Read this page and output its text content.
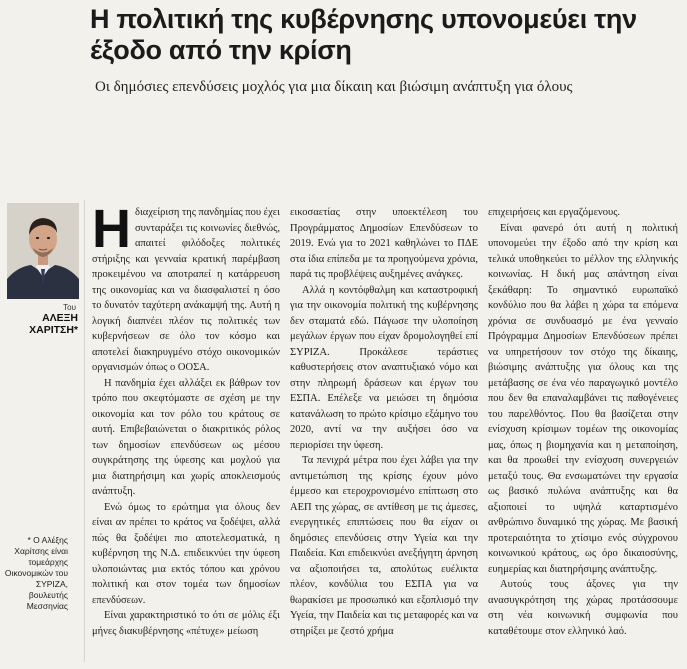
Η πολιτική της κυβέρνησης υπονομεύει την έξοδο από την κρίση

Οι δημόσιες επενδύσεις μοχλός για μια δίκαιη και βιώσιμη ανάπτυξη για όλους

Του
ΑΛΕΞΗ ΧΑΡΙΤΣΗ*
* Ο Αλέξης Χαρίτσης είναι τομεάρχης Οικονομικών του ΣΥΡΙΖΑ, βουλευτής Μεσσηνίας

Ηδιαχείριση της πανδημίας που έχει συνταράξει τις κοινωνίες διεθνώς, απαιτεί φιλόδοξες πολιτικές στήριξης και γενναία κρατική παρέμβαση προκειμένου να αποτραπεί η κατάρρευση της οικονομίας και να διασφαλιστεί η όσο το δυνατόν ταχύτερη ανάκαμψή της. Αυτή η λογική διαπνέει πλέον τις πολιτικές των κυβερνήσεων σε όλο τον κόσμο και αποτελεί διακηρυγμένο στόχο οικονομικών οργανισμών όπως ο ΟΟΣΑ.

Η πανδημία έχει αλλάξει εκ βάθρων τον τρόπο που σκεφτόμαστε σε σχέση με την οικονομία και τον ρόλο του κράτους σε αυτή. Επιβεβαιώνεται ο διακριτικός ρόλος των δημοσίων επενδύσεων ως μέσου συγκράτησης της ύφεσης και μοχλού για μια διατηρήσιμη και χωρίς αποκλεισμούς ανάπτυξη.

Ενώ όμως το ερώτημα για όλους δεν είναι αν πρέπει το κράτος να ξοδέψει, αλλά πώς θα ξοδέψει πιο αποτελεσματικά, η κυβέρνηση της Ν.Δ. επιδεικνύει την ύφεση υλοποιώντας μια εκτός τόπου και χρόνου πολιτική και στον τομέα των δημοσίων επενδύσεων.

Είναι χαρακτηριστικό το ότι σε μόλις έξι μήνες διακυβέρνησης «πέτυχε» μείωση

εικοσαετίας στην υποεκτέλεση του Προγράμματος Δημοσίων Επενδύσεων το 2019. Ενώ για το 2021 καθηλώνει το ΠΔΕ στα ίδια επίπεδα με τα προηγούμενα χρόνια, παρά τις προβλέψεις αυξημένες ανάγκες.

Αλλά η κοντόφθαλμη και καταστροφική για την οικονομία πολιτική της κυβέρνησης δεν σταματά εδώ. Πάγωσε την υλοποίηση μεγάλων έργων που είχαν δρομολογηθεί επί ΣΥΡΙΖΑ. Προκάλεσε τεράστιες καθυστερήσεις στον αναπτυξιακό νόμο και στην πληρωμή δράσεων και έργων του ΕΣΠΑ. Επέλεξε να μειώσει τη δημόσια κατανάλωση το πρώτο κρίσιμο εξάμηνο του 2020, αντί να την αυξήσει όσο να περιορίσει την ύφεση.

Τα πενιχρά μέτρα που έχει λάβει για την αντιμετώπιση της κρίσης έχουν μόνο έμμεσο και ετεροχρονισμένο επίπτωση στο ΑΕΠ της χώρας, σε αντίθεση με τις άμεσες, ενεργητικές επιπτώσεις που θα είχαν οι δημόσιες επενδύσεις στην Υγεία και την Παιδεία. Και επιδεικνύει ανεξήγητη άρνηση να αξιοποιήσει τα, απολύτως ευέλικτα πλέον, κονδύλια του ΕΣΠΑ για να θωρακίσει με προσωπικό και εξοπλισμό την Υγεία, την Παιδεία και τις μεταφορές και να στηρίξει με ζεστό χρήμα

επιχειρήσεις και εργαζόμενους.

Είναι φανερό ότι αυτή η πολιτική υπονομεύει την έξοδο από την κρίση και τελικά υποθηκεύει το μέλλον της ελληνικής κοινωνίας. Η δική μας απάντηση είναι ξεκάθαρη: Το σημαντικό ευρωπαϊκό κονδύλιο που θα λάβει η χώρα τα επόμενα χρόνια σε συνδυασμό με ένα γενναίο Πρόγραμμα Δημοσίων Επενδύσεων πρέπει να υπηρετήσουν τον στόχο της δίκαιης, βιώσιμης ανάπτυξης για όλους και της μετάβασης σε ένα νέο παραγωγικό μοντέλο που δεν θα επαναλαμβάνει τις παθογένειες του παρελθόντος. Που θα βασίζεται στην ενίσχυση κρίσιμων τομέων της οικονομίας μας, όπως η βιομηχανία και η μεταποίηση, και θα προωθεί την ενίσχυση συνεργειών μεταξύ τους. Θα ενσωματώνει την εργασία ως βασικό πυλώνα ανάπτυξης και θα αξιοποιεί το υψηλά καταρτισμένο ανθρώπινο δυναμικό της χώρας. Με βασική προτεραιότητα το χτίσιμο ενός σύγχρονου κοινωνικού κράτους, ως όρο δικαιοσύνης, ευημερίας και διατηρήσιμης ανάπτυξης.

Αυτούς τους άξονες για την ανασυγκρότηση της χώρας προτάσσουμε στη νέα κοινωνική συμφωνία που καταθέτουμε στον ελληνικό λαό.
